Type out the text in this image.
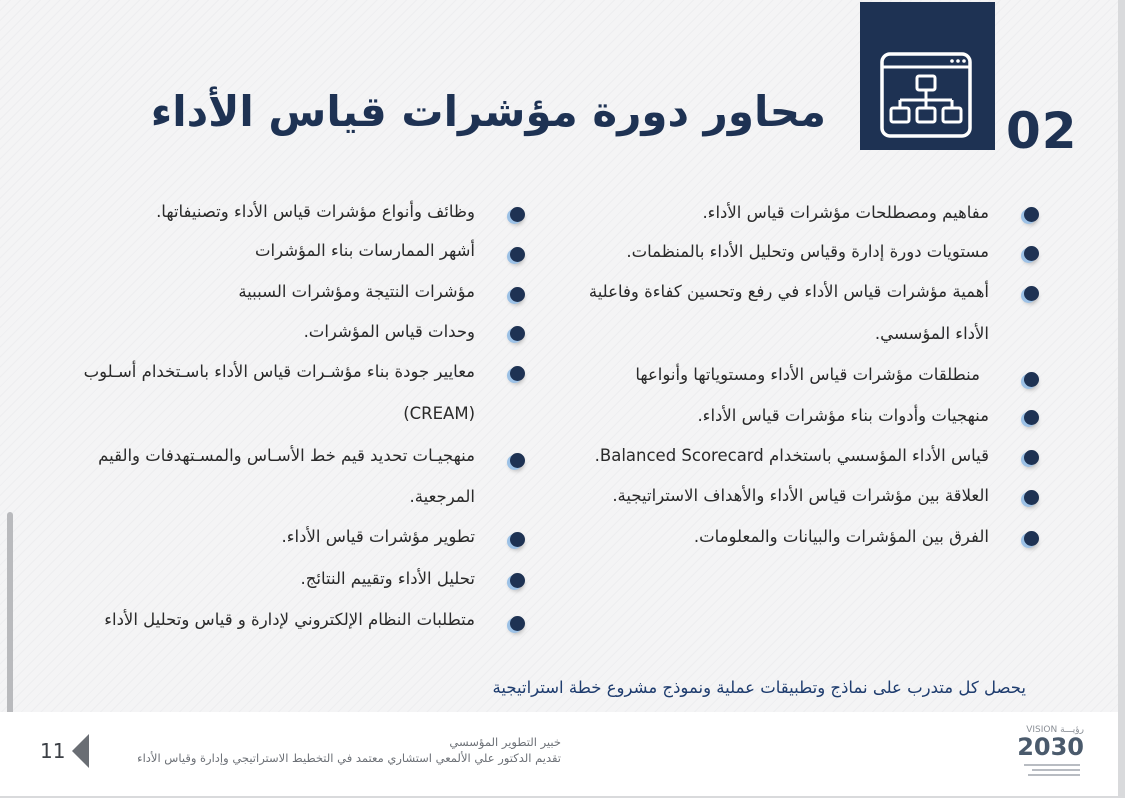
02
محاور دورة مؤشرات قياس الأداء
مفاهيم ومصطلحات مؤشرات قياس الأداء.
مستويات دورة إدارة وقياس وتحليل الأداء بالمنظمات.
أهمية مؤشرات قياس الأداء في رفع وتحسين كفاءة وفاعلية
الأداء المؤسسي.
منطلقات مؤشرات قياس الأداء ومستوياتها وأنواعها
منهجيات وأدوات بناء مؤشرات قياس الأداء.
قياس الأداء المؤسسي باستخدام Balanced Scorecard.
العلاقة بين مؤشرات قياس الأداء والأهداف الاستراتيجية.
الفرق بين المؤشرات والبيانات والمعلومات.
وظائف وأنواع مؤشرات قياس الأداء وتصنيفاتها.
أشهر الممارسات بناء المؤشرات
مؤشرات النتيجة ومؤشرات السببية
وحدات قياس المؤشرات.
معايير جودة بناء مؤشـرات قياس الأداء باسـتخدام أسـلوب
(CREAM)
منهجيـات تحديد قيم خط الأسـاس والمسـتهدفات والقيم
المرجعية.
تطوير مؤشرات قياس الأداء.
تحليل الأداء وتقييم النتائج.
متطلبات النظام الإلكتروني لإدارة و قياس وتحليل الأداء
يحصل كل متدرب على نماذج وتطبيقات عملية ونموذج مشروع خطة استراتيجية
VISION رؤيـــة
2030
خبير التطوير المؤسسي
تقديم الدكتور علي الألمعي استشاري معتمد في التخطيط الاستراتيجي وإدارة وقياس الأداء
11
